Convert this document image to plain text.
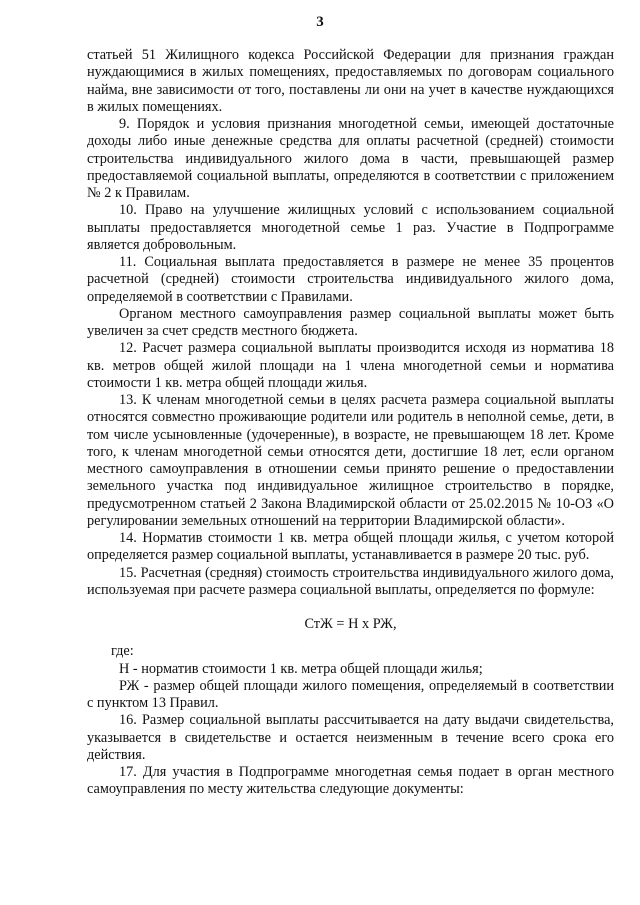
3

статьей 51 Жилищного кодекса Российской Федерации для признания граждан нуждающимися в жилых помещениях, предоставляемых по договорам социального найма, вне зависимости от того, поставлены ли они на учет в качестве нуждающихся в жилых помещениях.

9. Порядок и условия признания многодетной семьи, имеющей достаточные доходы либо иные денежные средства для оплаты расчетной (средней) стоимости строительства индивидуального жилого дома в части, превышающей размер предоставляемой социальной выплаты, определяются в соответствии с приложением № 2 к Правилам.

10. Право на улучшение жилищных условий с использованием социальной выплаты предоставляется многодетной семье 1 раз. Участие в Подпрограмме является добровольным.

11. Социальная выплата предоставляется в размере не менее 35 процентов расчетной (средней) стоимости строительства индивидуального жилого дома, определяемой в соответствии с Правилами.

Органом местного самоуправления размер социальной выплаты может быть увеличен за счет средств местного бюджета.

12. Расчет размера социальной выплаты производится исходя из норматива 18 кв. метров общей жилой площади на 1 члена многодетной семьи и норматива стоимости 1 кв. метра общей площади жилья.

13. К членам многодетной семьи в целях расчета размера социальной выплаты относятся совместно проживающие родители или родитель в неполной семье, дети, в том числе усыновленные (удочеренные), в возрасте, не превышающем 18 лет. Кроме того, к членам многодетной семьи относятся дети, достигшие 18 лет, если органом местного самоуправления в отношении семьи принято решение о предоставлении земельного участка под индивидуальное жилищное строительство в порядке, предусмотренном статьей 2 Закона Владимирской области от 25.02.2015 № 10-ОЗ «О регулировании земельных отношений на территории Владимирской области».

14. Норматив стоимости 1 кв. метра общей площади жилья, с учетом которой определяется размер социальной выплаты, устанавливается в размере 20 тыс. руб.

15. Расчетная (средняя) стоимость строительства индивидуального жилого дома, используемая при расчете размера социальной выплаты, определяется по формуле:

СтЖ = Н х РЖ,

где:

Н - норматив стоимости 1 кв. метра общей площади жилья;

РЖ - размер общей площади жилого помещения, определяемый в соответствии с пунктом 13 Правил.

16. Размер социальной выплаты рассчитывается на дату выдачи свидетельства, указывается в свидетельстве и остается неизменным в течение всего срока его действия.

17. Для участия в Подпрограмме многодетная семья подает в орган местного самоуправления по месту жительства следующие документы:
